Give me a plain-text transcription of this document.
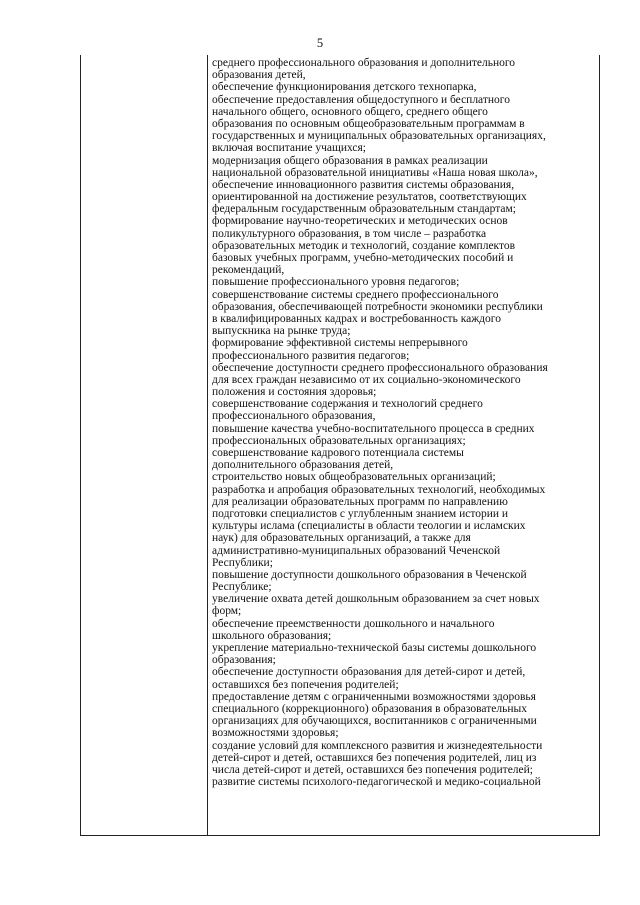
5
среднего профессионального образования и дополнительного
образования детей,
обеспечение функционирования детского технопарка,
обеспечение предоставления общедоступного и бесплатного
начального общего, основного общего, среднего общего
образования по основным общеобразовательным программам в
государственных и муниципальных образовательных организациях,
включая воспитание учащихся;
модернизация общего образования в рамках реализации
национальной образовательной инициативы «Наша новая школа»,
обеспечение инновационного развития системы образования,
ориентированной на достижение результатов, соответствующих
федеральным государственным образовательным стандартам;
формирование научно-теоретических и методических основ
поликультурного образования, в том числе – разработка
образовательных методик и технологий, создание комплектов
базовых учебных программ, учебно-методических пособий и
рекомендаций,
повышение профессионального уровня педагогов;
совершенствование системы среднего профессионального
образования, обеспечивающей потребности экономики республики
в квалифицированных кадрах и востребованность каждого
выпускника на рынке труда;
формирование эффективной системы непрерывного
профессионального развития педагогов;
обеспечение доступности среднего профессионального образования
для всех граждан независимо от их социально-экономического
положения и состояния здоровья;
совершенствование содержания и технологий среднего
профессионального образования,
повышение качества учебно-воспитательного процесса в средних
профессиональных образовательных организациях;
совершенствование кадрового потенциала системы
дополнительного образования детей,
строительство новых общеобразовательных организаций;
разработка и апробация образовательных технологий, необходимых
для реализации образовательных программ по направлению
подготовки специалистов с углубленным знанием истории и
культуры ислама (специалисты в области теологии и исламских
наук) для образовательных организаций, а также для
административно-муниципальных образований Чеченской
Республики;
повышение доступности дошкольного образования в Чеченской
Республике;
увеличение охвата детей дошкольным образованием за счет новых
форм;
обеспечение преемственности дошкольного и начального
школьного образования;
укрепление материально-технической базы системы дошкольного
образования;
обеспечение доступности образования для детей-сирот и детей,
оставшихся без попечения родителей;
предоставление детям с ограниченными возможностями здоровья
специального (коррекционного) образования в образовательных
организациях для обучающихся, воспитанников с ограниченными
возможностями здоровья;
создание условий для комплексного развития и жизнедеятельности
детей-сирот и детей, оставшихся без попечения родителей, лиц из
числа детей-сирот и детей, оставшихся без попечения родителей;
развитие системы психолого-педагогической и медико-социальной
